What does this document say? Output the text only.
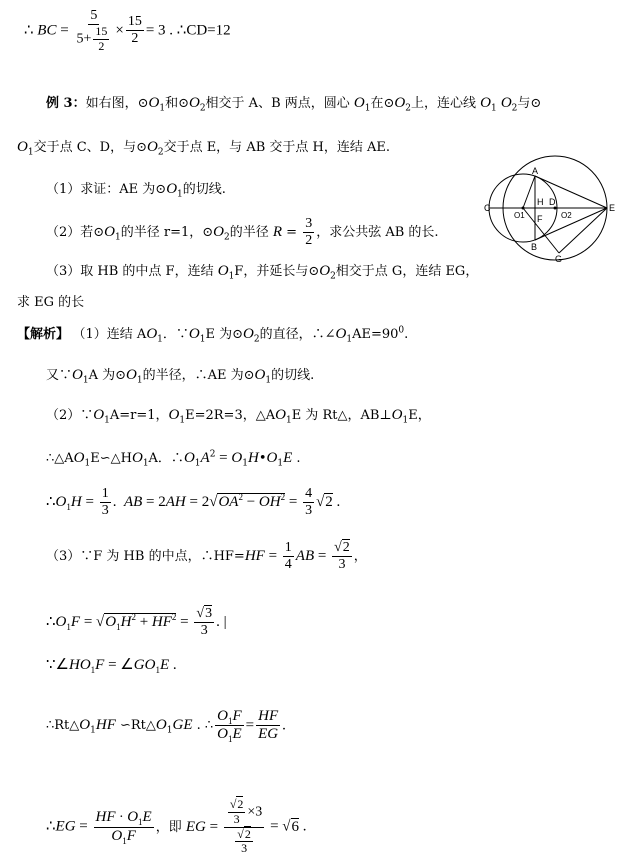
∴ BC = $\frac{5}{5+ \frac{15}{2}} \times \frac{15}{2} = 3$ . ∴CD=12
例 3：如右图，$⊙O_1$和$⊙O_2$相交于 A、B 两点，圆心 $O_1$在$⊙O_2$上，连心线 $O_1$ $O_2$与⊙
$O_1$交于点 C、D，与$⊙O_2$交于点 E，与 AB 交于点 H，连结 AE.
（1）求证：AE 为$⊙O_1$的切线.
（2）若$⊙O_1$的半径 r=1，$⊙O_2$的半径 $R = \frac{3}{2}$ ，求公共弦 AB 的长.
（3）取 HB 的中点 F，连结 $O_1F$，并延长与$⊙O_2$相交于点 G，连结 EG，
求 EG 的长
A
B
C
D
E
F
G
H
O1	O2
【解析】 （1）连结 $AO_1$．$\because O_1E$ 为$⊙O_2$的直径，$\therefore\angle O_1AE=90^0$.
又$\because O_1A$ 为$⊙O_1$的半径，∴AE 为$⊙O_1$的切线.
$(2)\because O_1A=r=1$，$O_1E=2R=3$，$\triangle AO_1E$ 为 Rt△，$AB\perp O_1E$，
$\therefore\triangle AO_1E∽\triangle HO_1A$．$\therefore O_1A^2$ = $O_1H•O_1E$ .
$\therefore O_1H = \frac{1}{3}$ .  AB = $2AH = 2√OA^2 - OH^2 = \frac{4}{3} √2$ .
（3）∵F 为 HB 的中点，∴HF=HF = $\frac{1}{4}$ AB = $\frac{√2}{3}$ ，
$\therefore O_1F = √O_1H^2 + HF^2 = \frac{√3}{3}$ . |
$\because\angle HO_1F$ = $\angle GO_1E$ .
$\therefore Rt\triangle O_1HF$ $∽Rt\triangle O_1GE$ . ∴ $\frac{O_1F}{O_1E} = \frac{HF}{EG}$ .
∴EG = $\frac{HF \cdot O_1E}{O_1F}$ ，即 EG = $\frac{\frac{√2}{3} \times 3}{\frac{√2}{3}} = √6$ .
